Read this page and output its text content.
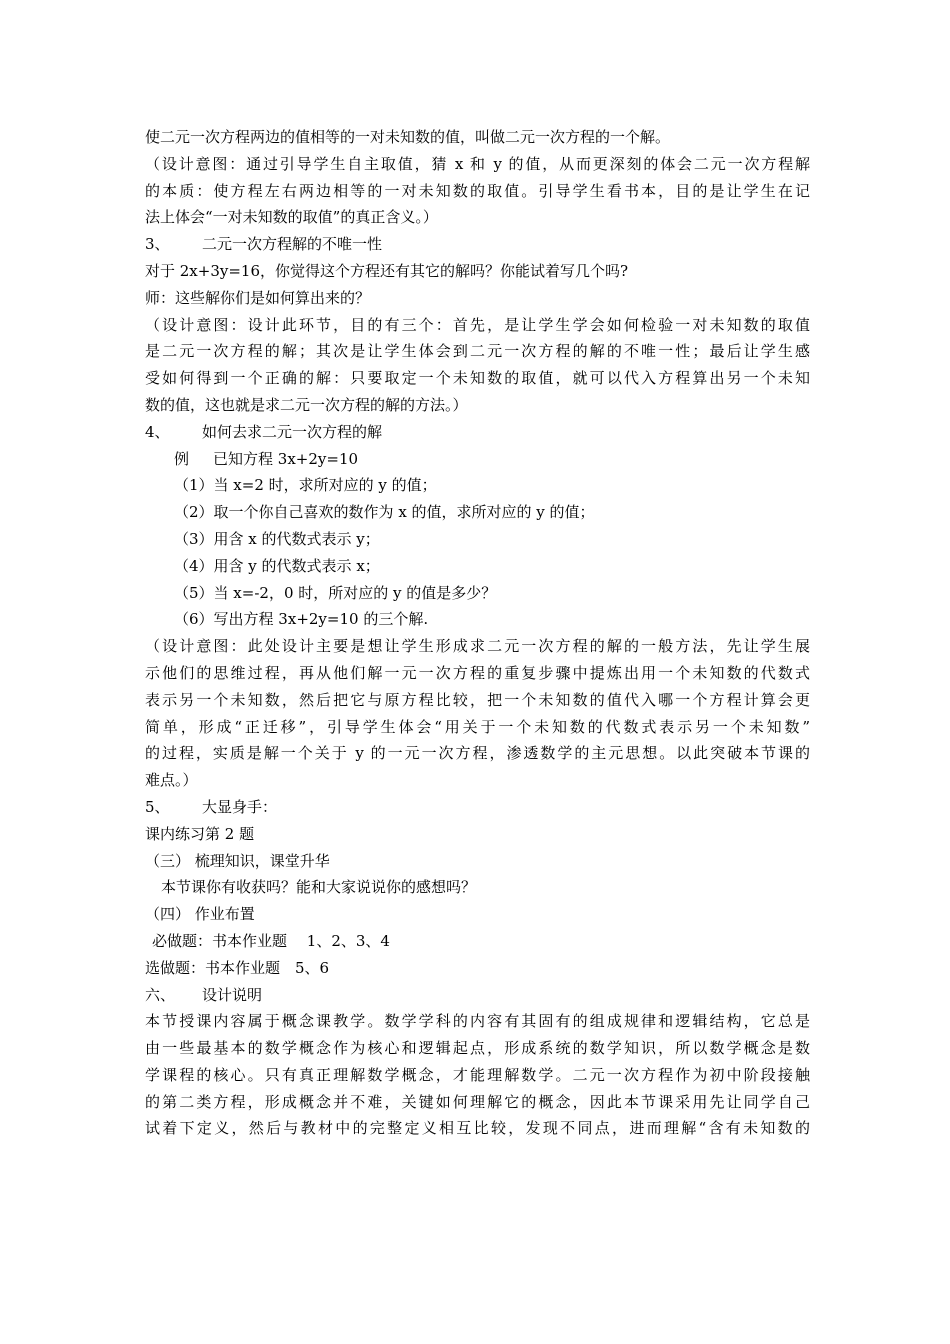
使二元一次方程两边的值相等的一对未知数的值，叫做二元一次方程的一个解。
（设计意图：通过引导学生自主取值，猜 x 和 y 的值，从而更深刻的体会二元一次方程解
的本质：使方程左右两边相等的一对未知数的取值。引导学生看书本，目的是让学生在记
法上体会“一对未知数的取值”的真正含义。）
3、 二元一次方程解的不唯一性
对于 2x+3y=16，你觉得这个方程还有其它的解吗？你能试着写几个吗?
师：这些解你们是如何算出来的？
（设计意图：设计此环节，目的有三个：首先，是让学生学会如何检验一对未知数的取值
是二元一次方程的解；其次是让学生体会到二元一次方程的解的不唯一性；最后让学生感
受如何得到一个正确的解：只要取定一个未知数的取值，就可以代入方程算出另一个未知
数的值，这也就是求二元一次方程的解的方法。）
4、 如何去求二元一次方程的解
例 已知方程 3x+2y=10
（1）当 x=2 时，求所对应的 y 的值；
（2）取一个你自己喜欢的数作为 x 的值，求所对应的 y 的值；
（3）用含 x 的代数式表示 y；
（4）用含 y 的代数式表示 x；
（5）当 x=-2，0 时，所对应的 y 的值是多少？
（6）写出方程 3x+2y=10 的三个解.
（设计意图：此处设计主要是想让学生形成求二元一次方程的解的一般方法，先让学生展
示他们的思维过程，再从他们解一元一次方程的重复步骤中提炼出用一个未知数的代数式
表示另一个未知数，然后把它与原方程比较，把一个未知数的值代入哪一个方程计算会更
简单，形成“正迁移”，引导学生体会“用关于一个未知数的代数式表示另一个未知数”
的过程，实质是解一个关于 y 的一元一次方程，渗透数学的主元思想。以此突破本节课的
难点。）
5、 大显身手：
课内练习第 2 题
（三） 梳理知识，课堂升华
本节课你有收获吗？能和大家说说你的感想吗？
（四） 作业布置
必做题：书本作业题　 1、2、3、4
选做题：书本作业题　5、6
六、 设计说明
本节授课内容属于概念课教学。数学学科的内容有其固有的组成规律和逻辑结构，它总是
由一些最基本的数学概念作为核心和逻辑起点，形成系统的数学知识，所以数学概念是数
学课程的核心。只有真正理解数学概念，才能理解数学。二元一次方程作为初中阶段接触
的第二类方程，形成概念并不难，关键如何理解它的概念，因此本节课采用先让同学自己
试着下定义，然后与教材中的完整定义相互比较，发现不同点，进而理解“含有未知数的
